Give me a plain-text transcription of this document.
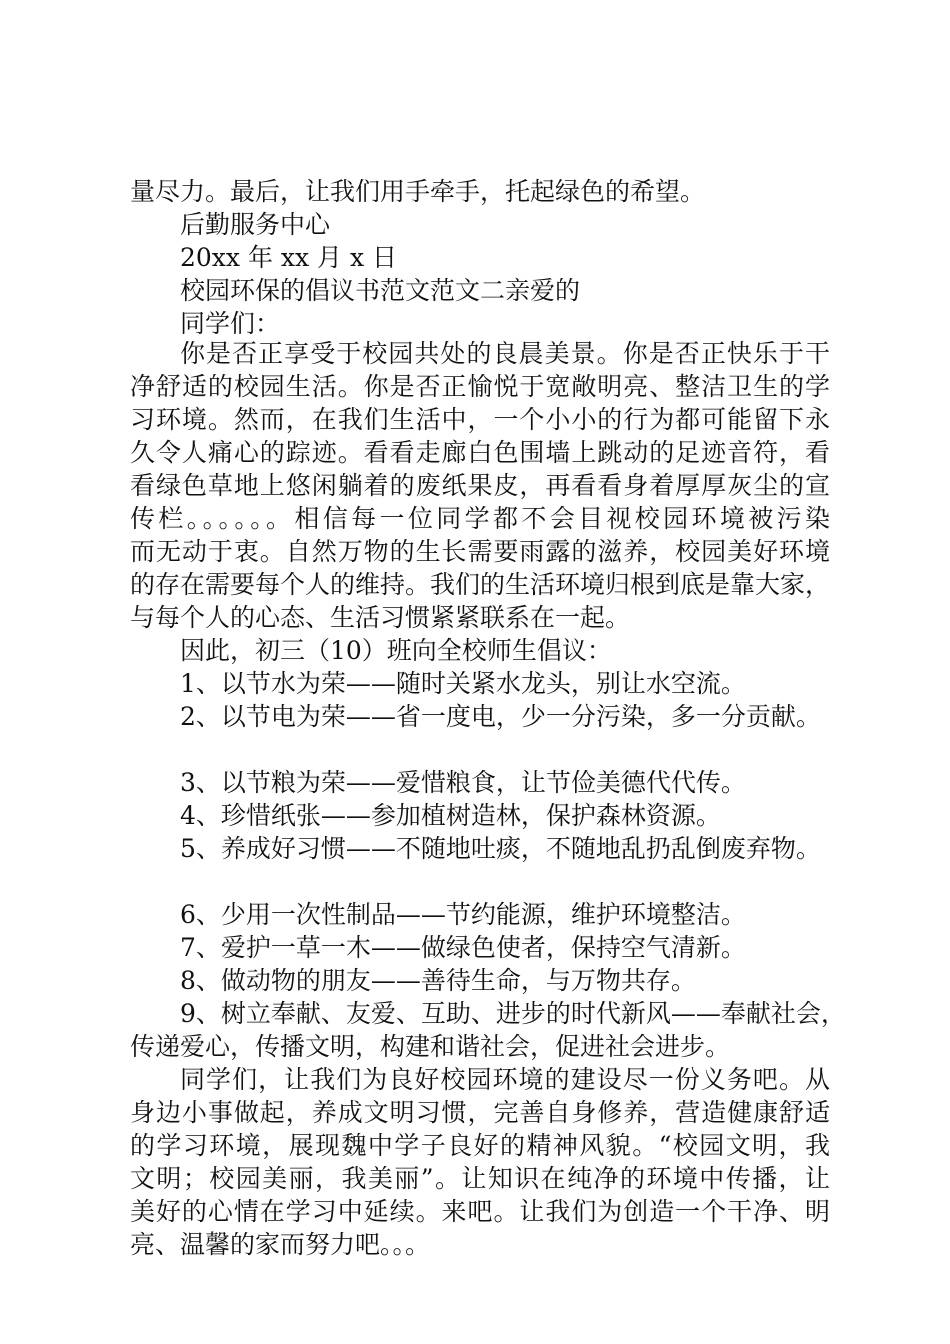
量尽力。最后，让我们用手牵手，托起绿色的希望。
后勤服务中心
20xx 年 xx 月 x 日
校园环保的倡议书范文范文二亲爱的
同学们：
你是否正享受于校园共处的良晨美景。你是否正快乐于干
净舒适的校园生活。你是否正愉悦于宽敞明亮、整洁卫生的学
习环境。然而，在我们生活中，一个小小的行为都可能留下永
久令人痛心的踪迹。看看走廊白色围墙上跳动的足迹音符，看
看绿色草地上悠闲躺着的废纸果皮，再看看身着厚厚灰尘的宣
传栏。。。。。。相信每一位同学都不会目视校园环境被污染
而无动于衷。自然万物的生长需要雨露的滋养，校园美好环境
的存在需要每个人的维持。我们的生活环境归根到底是靠大家，
与每个人的心态、生活习惯紧紧联系在一起。
因此，初三（10）班向全校师生倡议：
1、以节水为荣——随时关紧水龙头，别让水空流。
2、以节电为荣——省一度电，少一分污染，多一分贡献。
3、以节粮为荣——爱惜粮食，让节俭美德代代传。
4、珍惜纸张——参加植树造林，保护森林资源。
5、养成好习惯——不随地吐痰，不随地乱扔乱倒废弃物。
6、少用一次性制品——节约能源，维护环境整洁。
7、爱护一草一木——做绿色使者，保持空气清新。
8、做动物的朋友——善待生命，与万物共存。
9、树立奉献、友爱、互助、进步的时代新风——奉献社会，
传递爱心，传播文明，构建和谐社会，促进社会进步。
同学们，让我们为良好校园环境的建设尽一份义务吧。从
身边小事做起，养成文明习惯，完善自身修养，营造健康舒适
的学习环境，展现魏中学子良好的精神风貌。“校园文明，我
文明；校园美丽，我美丽”。让知识在纯净的环境中传播，让
美好的心情在学习中延续。来吧。让我们为创造一个干净、明
亮、温馨的家而努力吧。。。
